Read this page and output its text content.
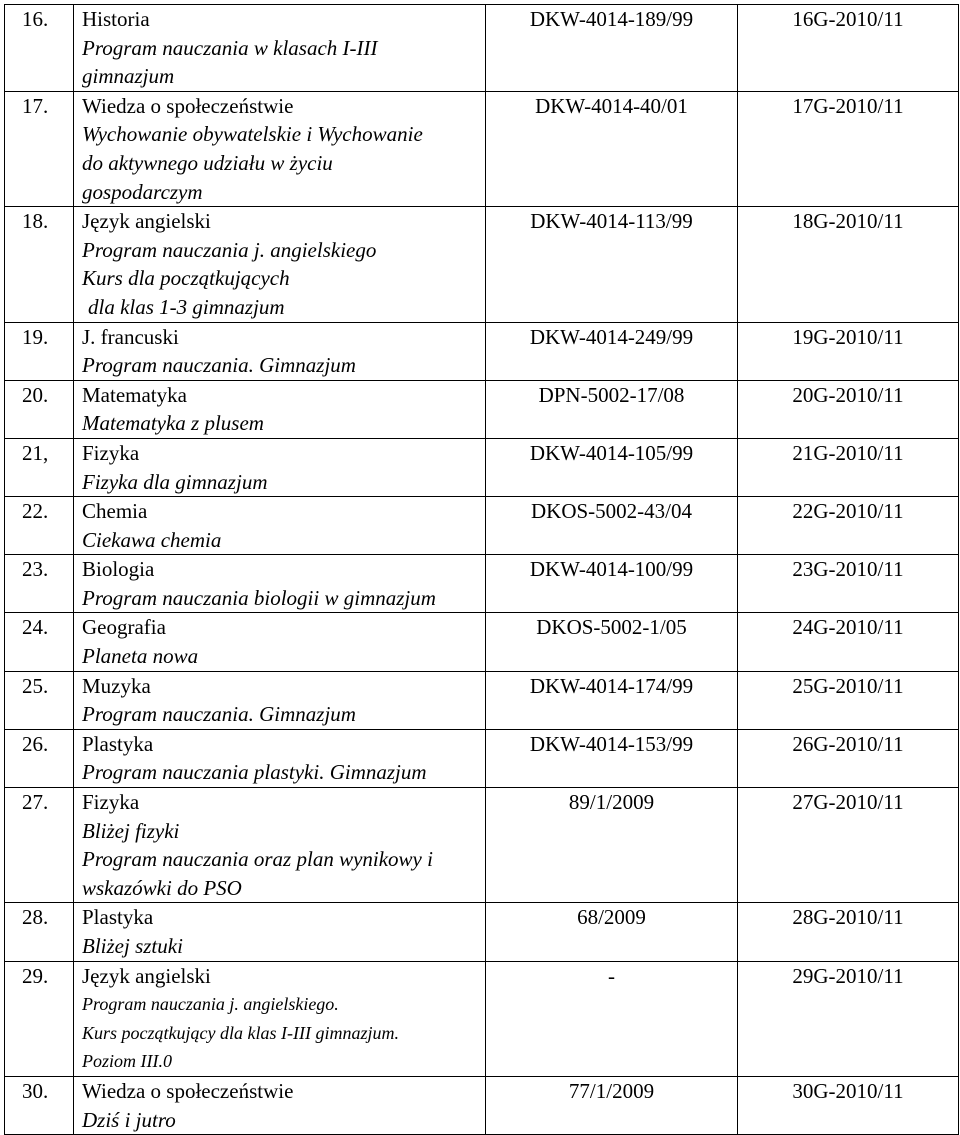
16.	Historia
Program nauczania w klasach I-III
gimnazjum	DKW-4014-189/99	16G-2010/11
17.	Wiedza o społeczeństwie
Wychowanie obywatelskie i Wychowanie
do aktywnego udziału w życiu
gospodarczym	DKW-4014-40/01	17G-2010/11
18.	Język angielski
Program nauczania j. angielskiego
Kurs dla początkujących
dla klas 1-3 gimnazjum	DKW-4014-113/99	18G-2010/11
19.	J. francuski
Program nauczania. Gimnazjum	DKW-4014-249/99	19G-2010/11
20.	Matematyka
Matematyka z plusem	DPN-5002-17/08	20G-2010/11
21,	Fizyka
Fizyka dla gimnazjum	DKW-4014-105/99	21G-2010/11
22.	Chemia
Ciekawa chemia	DKOS-5002-43/04	22G-2010/11
23.	Biologia
Program nauczania biologii w gimnazjum	DKW-4014-100/99	23G-2010/11
24.	Geografia
Planeta nowa	DKOS-5002-1/05	24G-2010/11
25.	Muzyka
Program nauczania. Gimnazjum	DKW-4014-174/99	25G-2010/11
26.	Plastyka
Program nauczania plastyki. Gimnazjum	DKW-4014-153/99	26G-2010/11
27.	Fizyka
Bliżej fizyki
Program nauczania oraz plan wynikowy i
wskazówki do PSO	89/1/2009	27G-2010/11
28.	Plastyka
Bliżej sztuki	68/2009	28G-2010/11
29.	Język angielski
Program nauczania j. angielskiego.
Kurs początkujący dla klas I-III gimnazjum.
Poziom III.0	-	29G-2010/11
30.	Wiedza o społeczeństwie
Dziś i jutro	77/1/2009	30G-2010/11
